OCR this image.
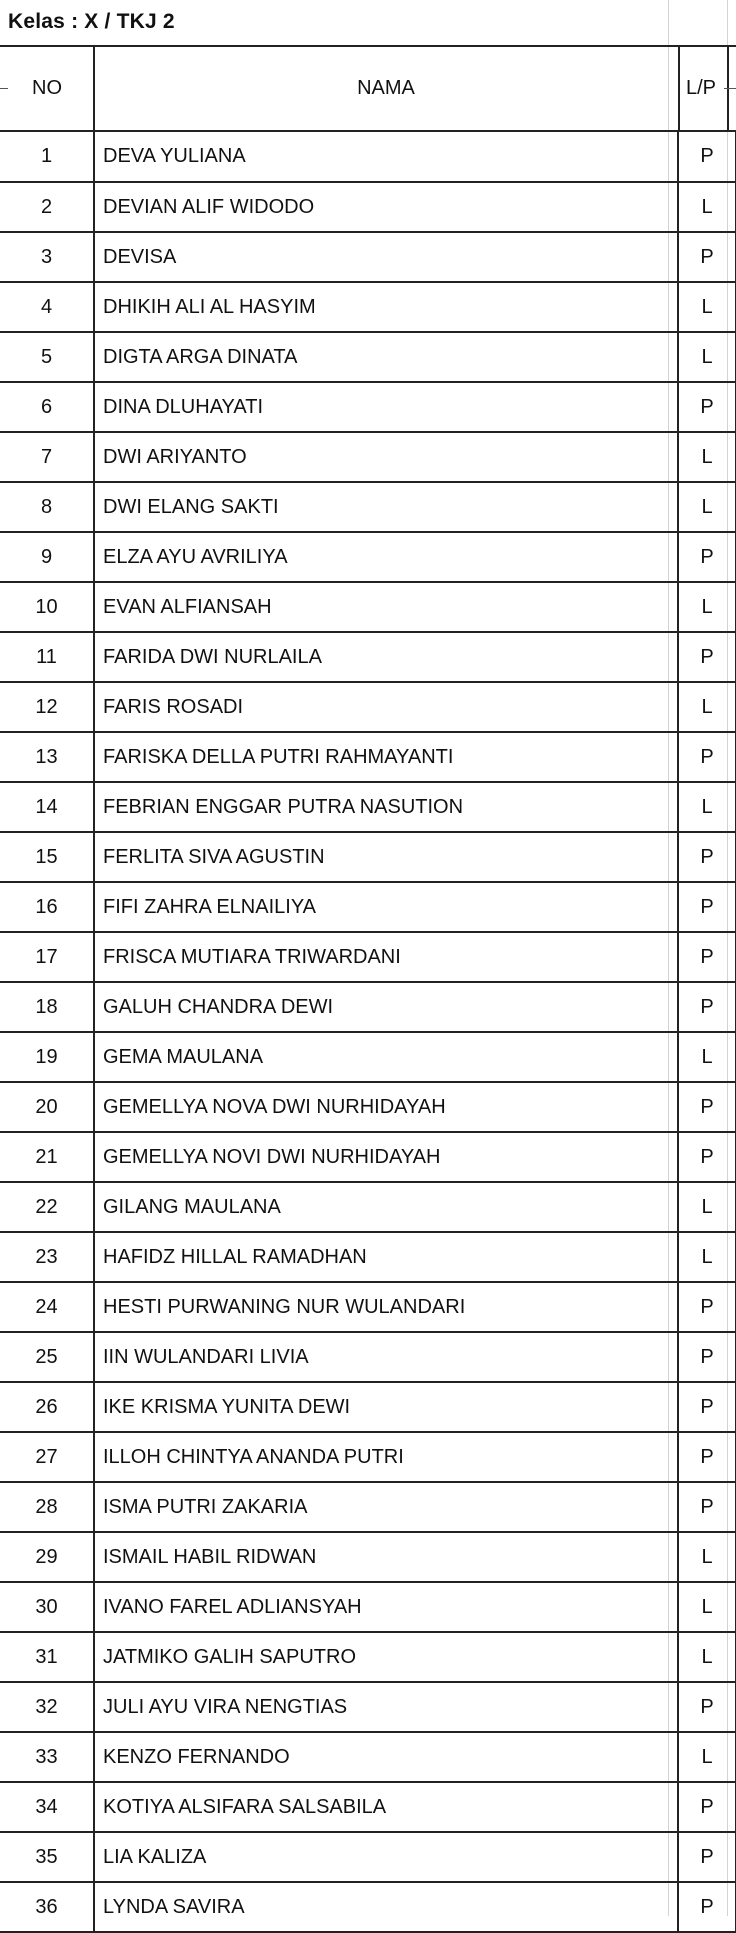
Kelas : X / TKJ 2
NO	NAMA	L/P
1	DEVA YULIANA	P
2	DEVIAN ALIF WIDODO	L
3	DEVISA	P
4	DHIKIH ALI AL HASYIM	L
5	DIGTA ARGA DINATA	L
6	DINA DLUHAYATI	P
7	DWI ARIYANTO	L
8	DWI ELANG SAKTI	L
9	ELZA AYU AVRILIYA	P
10	EVAN ALFIANSAH	L
11	FARIDA DWI NURLAILA	P
12	FARIS ROSADI	L
13	FARISKA DELLA PUTRI RAHMAYANTI	P
14	FEBRIAN ENGGAR PUTRA NASUTION	L
15	FERLITA SIVA AGUSTIN	P
16	FIFI ZAHRA ELNAILIYA	P
17	FRISCA MUTIARA TRIWARDANI	P
18	GALUH CHANDRA DEWI	P
19	GEMA MAULANA	L
20	GEMELLYA NOVA DWI NURHIDAYAH	P
21	GEMELLYA NOVI DWI NURHIDAYAH	P
22	GILANG MAULANA	L
23	HAFIDZ HILLAL RAMADHAN	L
24	HESTI PURWANING NUR WULANDARI	P
25	IIN WULANDARI LIVIA	P
26	IKE KRISMA YUNITA DEWI	P
27	ILLOH CHINTYA ANANDA PUTRI	P
28	ISMA PUTRI ZAKARIA	P
29	ISMAIL HABIL RIDWAN	L
30	IVANO FAREL ADLIANSYAH	L
31	JATMIKO GALIH SAPUTRO	L
32	JULI AYU VIRA NENGTIAS	P
33	KENZO FERNANDO	L
34	KOTIYA ALSIFARA SALSABILA	P
35	LIA KALIZA	P
36	LYNDA SAVIRA	P
